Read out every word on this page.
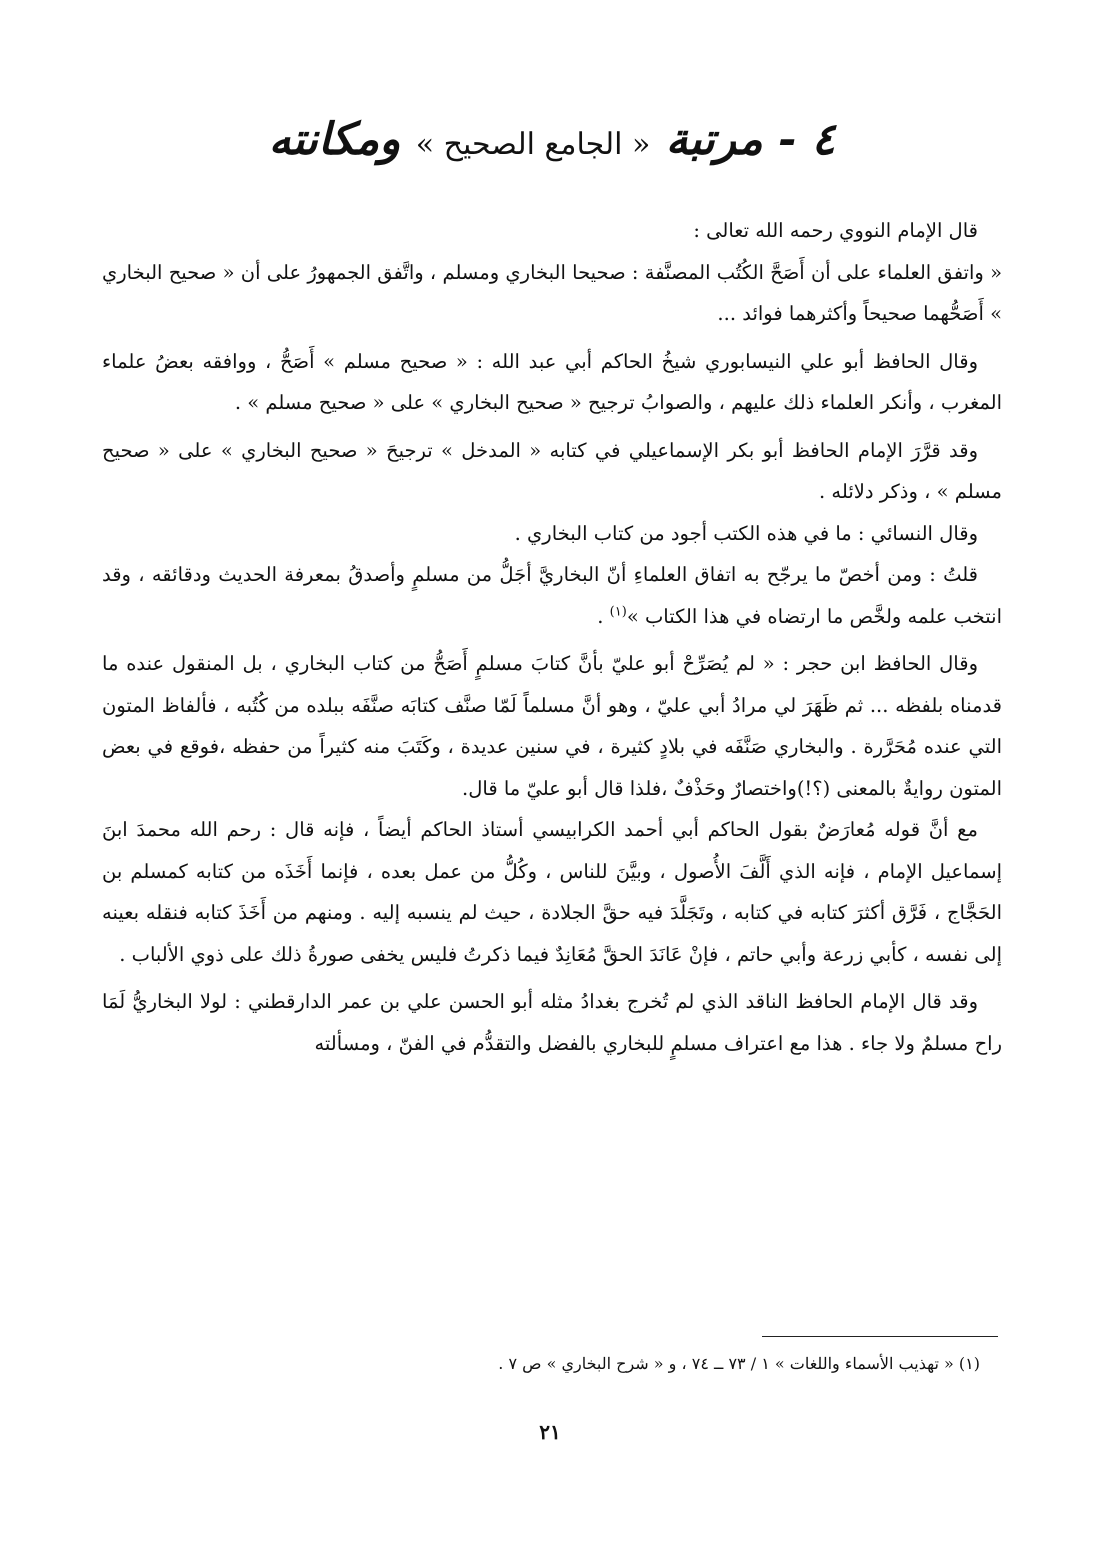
٤ - مرتبة « الجامع الصحيح » ومكانته

قال الإمام النووي رحمه الله تعالى :

« واتفق العلماء على أن أَصَحَّ الكُتُب المصنَّفة : صحيحا البخاري ومسلم ، واتَّفق الجمهورُ على أن « صحيح البخاري » أَصَحُّهما صحيحاً وأكثرهما فوائد ...

وقال الحافظ أبو علي النيسابوري شيخُ الحاكم أبي عبد الله : « صحيح مسلم » أَصَحُّ ، ووافقه بعضُ علماء المغرب ، وأنكر العلماء ذلك عليهم ، والصوابُ ترجيح « صحيح البخاري » على « صحيح مسلم » .

وقد قرَّرَ الإمام الحافظ أبو بكر الإسماعيلي في كتابه « المدخل » ترجيحَ « صحيح البخاري » على « صحيح مسلم » ، وذكر دلائله .

وقال النسائي : ما في هذه الكتب أجود من كتاب البخاري .

قلتُ : ومن أخصّ ما يرجّح به اتفاق العلماءِ أنّ البخاريَّ أجَلُّ من مسلمٍ وأصدقُ بمعرفة الحديث ودقائقه ، وقد انتخب علمه ولخَّص ما ارتضاه في هذا الكتاب »$^{(١)}$ .

وقال الحافظ ابن حجر : « لم يُصَرِّحْ أبو عليّ بأنَّ كتابَ مسلمٍ أَصَحُّ من كتاب البخاري ، بل المنقول عنده ما قدمناه بلفظه ... ثم ظَهَرَ لي مرادُ أبي عليّ ، وهو أنَّ مسلماً لَمّا صنَّف كتابَه صنَّفَه ببلده من كُتُبه ، فألفاظ المتون التي عنده مُحَرَّرة . والبخاري صَنَّفَه في بلادٍ كثيرة ، في سنين عديدة ، وكَتَبَ منه كثيراً من حفظه ،فوقع في بعض المتون روايةٌ بالمعنى (؟!)واختصارٌ وحَذْفٌ ،فلذا قال أبو عليّ ما قال.

مع أنَّ قوله مُعارَضٌ بقول الحاكم أبي أحمد الكرابيسي أستاذ الحاكم أيضاً ، فإنه قال : رحم الله محمدَ ابنَ إسماعيل الإمام ، فإنه الذي أَلَّفَ الأُصول ، وبيَّنَ للناس ، وكُلُّ من عمل بعده ، فإنما أَخَذَه من كتابه كمسلم بن الحَجَّاج ، فَرَّق أكثرَ كتابه في كتابه ، وتَجَلَّدَ فيه حقَّ الجلادة ، حيث لم ينسبه إليه . ومنهم من أَخَذَ كتابه فنقله بعينه إلى نفسه ، كأبي زرعة وأبي حاتم ، فإنْ عَانَدَ الحقَّ مُعَانِدٌ فيما ذكرتُ فليس يخفى صورةُ ذلك على ذوي الألباب .

وقد قال الإمام الحافظ الناقد الذي لم تُخرج بغدادُ مثله أبو الحسن علي بن عمر الدارقطني : لولا البخاريُّ لَمَا راح مسلمٌ ولا جاء . هذا مع اعتراف مسلمٍ للبخاري بالفضل والتقدُّم في الفنّ ، ومسألته

(١) « تهذيب الأسماء واللغات » ١ / ٧٣ ــ ٧٤ ، و « شرح البخاري » ص ٧ .
٢١
